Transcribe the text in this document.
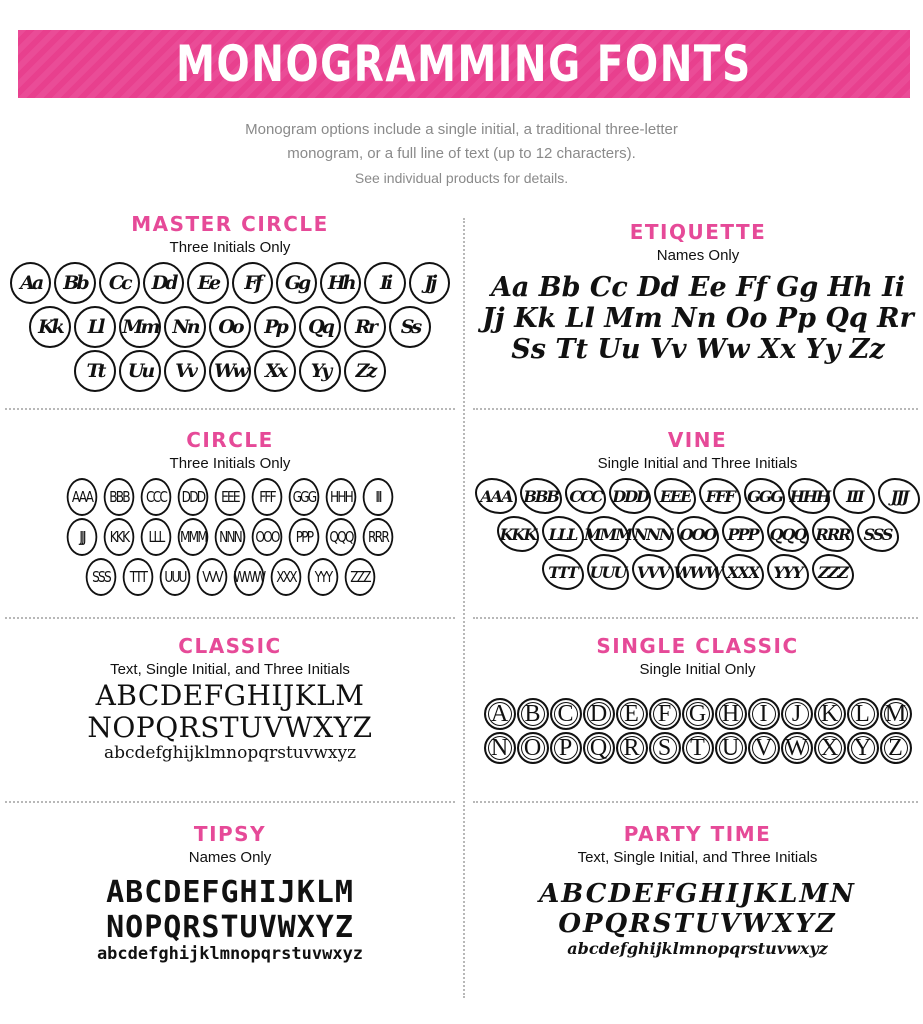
MONOGRAMMING FONTS
Monogram options include a single initial, a traditional three-letter
monogram, or a full line of text (up to 12 characters).
See individual products for details.
MASTER CIRCLE
Three Initials Only
Aa	Bb	Cc	Dd	Ee	Ff	Gg	Hh	Ii	Jj
Kk	Ll	Mm Nn	Oo	Pp	Qq	Rr	Ss
Tt	Uu	Vv	Ww	Xx	Yy	Zz
ETIQUETTE
Names Only
Aa Bb Cc Dd Ee Ff Gg Hh Ii
Jj Kk Ll Mm Nn Oo Pp Qq Rr
Ss Tt Uu Vv Ww Xx Yy Zz
CIRCLE
Three Initials Only
AAA	BBB	CCC	DDD	EEE	FFF	GGG HHH	III
JJJ	KKK	LLL	MMM NNN OOO	PPP	QQQ	RRR
SSS	TTT	UUU	VVV WWW XXX	YYY	ZZZ
VINE
Single Initial and Three Initials
AAA BBB CCC DDD EEE FFF GGG HHH	III	JJJ
KKK LLL MMM NNN OOO PPP QQQ RRR SSS
TTT UUU VVV WWW XXX YYY	ZZZ
CLASSIC
Text, Single Initial, and Three Initials
ABCDEFGHIJKLM
NOPQRSTUVWXYZ
abcdefghijklmnopqrstuvwxyz
SINGLE CLASSIC
Single Initial Only
A B C D E F G H I	J K L M
N O P Q R S T U V W X Y Z
TIPSY
Names Only
ABCDEFGHIJKLM
NOPQRSTUVWXYZ
abcdefghijklmnopqrstuvwxyz
PARTY TIME
Text, Single Initial, and Three Initials
ABCDEFGHIJKLMN
OPQRSTUVWXYZ
abcdefghijklmnopqrstuvwxyz
